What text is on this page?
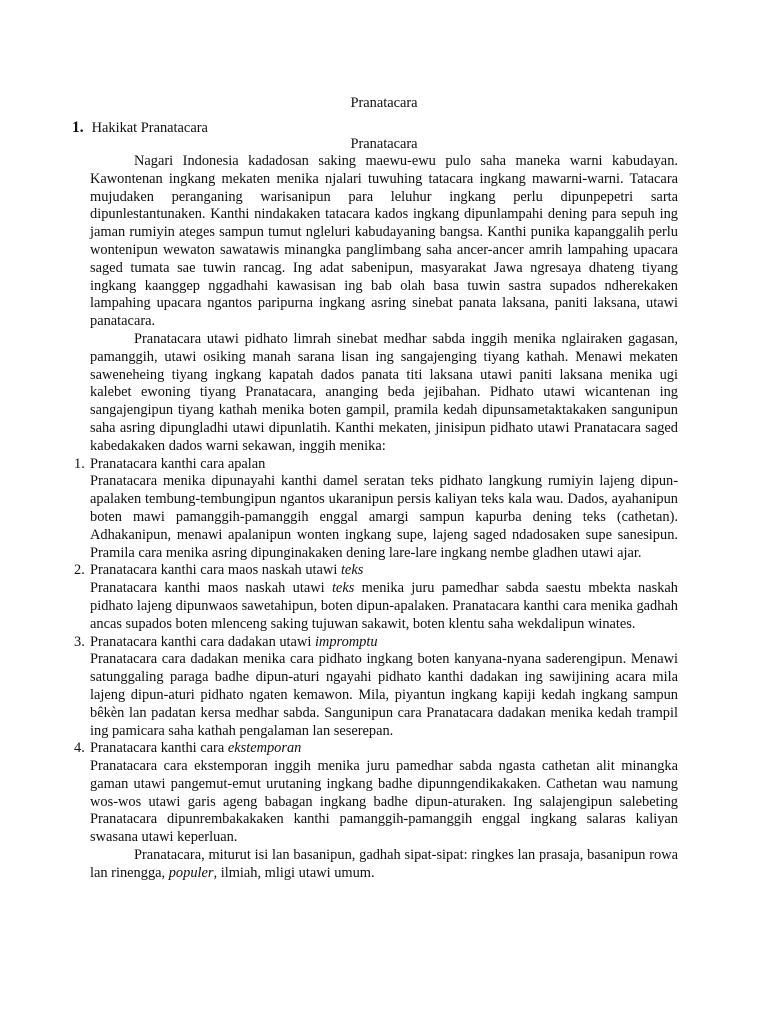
Pranatacara
1. Hakikat Pranatacara
Pranatacara

Nagari Indonesia kadadosan saking maewu-ewu pulo saha maneka warni kabudayan. Kawontenan ingkang mekaten menika njalari tuwuhing tatacara ingkang mawarni-warni. Tatacara mujudaken peranganing warisanipun para leluhur ingkang perlu dipunpepetri sarta dipunlestantunaken. Kanthi nindakaken tatacara kados ingkang dipunlampahi dening para sepuh ing jaman rumiyin ateges sampun tumut ngleluri kabudayaning bangsa. Kanthi punika kapanggalih perlu wontenipun wewaton sawatawis minangka panglimbang saha ancer-ancer amrih lampahing upacara saged tumata sae tuwin rancag. Ing adat sabenipun, masyarakat Jawa ngresaya dhateng tiyang ingkang kaanggep nggadhahi kawasisan ing bab olah basa tuwin sastra supados ndherekaken lampahing upacara ngantos paripurna ingkang asring sinebat panata laksana, paniti laksana, utawi panatacara.

Pranatacara utawi pidhato limrah sinebat medhar sabda inggih menika nglairaken gagasan, pamanggih, utawi osiking manah sarana lisan ing sangajenging tiyang kathah. Menawi mekaten saweneheing tiyang ingkang kapatah dados panata titi laksana utawi paniti laksana menika ugi kalebet ewoning tiyang Pranatacara, ananging beda jejibahan. Pidhato utawi wicantenan ing sangajengipun tiyang kathah menika boten gampil, pramila kedah dipunsametaktakaken sangunipun saha asring dipungladhi utawi dipunlatih. Kanthi mekaten, jinisipun pidhato utawi Pranatacara saged kabedakaken dados warni sekawan, inggih menika:

1. Pranatacara kanthi cara apalan

Pranatacara menika dipunayahi kanthi damel seratan teks pidhato langkung rumiyin lajeng dipun-apalaken tembung-tembungipun ngantos ukaranipun persis kaliyan teks kala wau. Dados, ayahanipun boten mawi pamanggih-pamanggih enggal amargi sampun kapurba dening teks (cathetan). Adhakanipun, menawi apalanipun wonten ingkang supe, lajeng saged ndadosaken supe sanesipun. Pramila cara menika asring dipunginakaken dening lare-lare ingkang nembe gladhen utawi ajar.

2. Pranatacara kanthi cara maos naskah utawi teks

Pranatacara kanthi maos naskah utawi teks menika juru pamedhar sabda saestu mbekta naskah pidhato lajeng dipunwaos sawetahipun, boten dipun-apalaken. Pranatacara kanthi cara menika gadhah ancas supados boten mlenceng saking tujuwan sakawit, boten klentu saha wekdalipun winates.

3. Pranatacara kanthi cara dadakan utawi impromptu

Pranatacara cara dadakan menika cara pidhato ingkang boten kanyana-nyana saderengipun. Menawi satunggaling paraga badhe dipun-aturi ngayahi pidhato kanthi dadakan ing sawijining acara mila lajeng dipun-aturi pidhato ngaten kemawon. Mila, piyantun ingkang kapiji kedah ingkang sampun bêkèn lan padatan kersa medhar sabda. Sangunipun cara Pranatacara dadakan menika kedah trampil ing pamicara saha kathah pengalaman lan seserepan.

4. Pranatacara kanthi cara ekstemporan

Pranatacara cara ekstemporan inggih menika juru pamedhar sabda ngasta cathetan alit minangka gaman utawi pangemut-emut urutaning ingkang badhe dipunngendikakaken. Cathetan wau namung wos-wos utawi garis ageng babagan ingkang badhe dipun-aturaken. Ing salajengipun salebeting Pranatacara dipunrembakakaken kanthi pamanggih-pamanggih enggal ingkang salaras kaliyan swasana utawi keperluan.

Pranatacara, miturut isi lan basanipun, gadhah sipat-sipat: ringkes lan prasaja, basanipun rowa lan rinengga, populer, ilmiah, mligi utawi umum.
